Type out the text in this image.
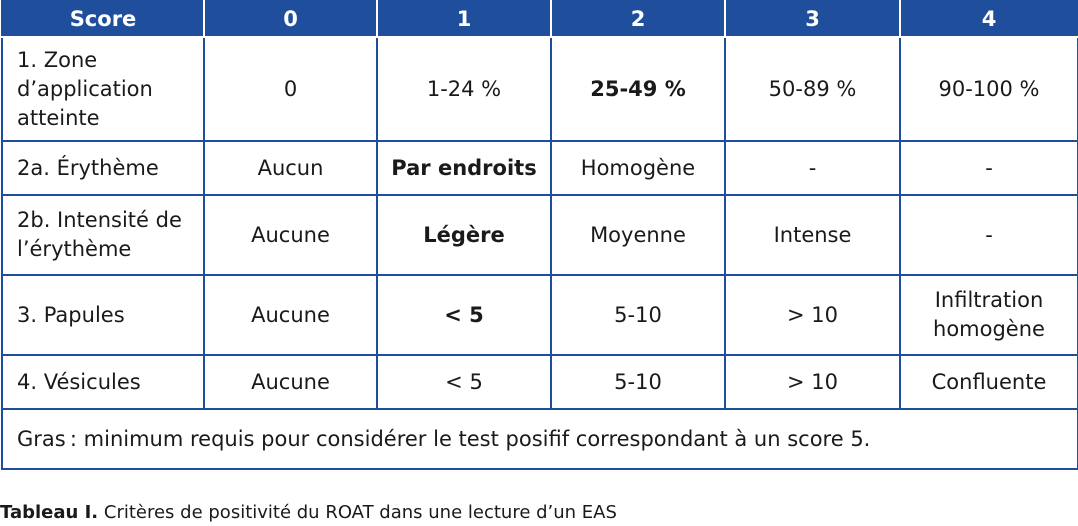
Score	0	1	2	3	4

1. Zone
d’application
atteinte	0	1-24 %	25-49 %	50-89 %	90-100 %

2a. Érythème	Aucun	Par endroits	Homogène	-	-

2b. Intensité de
l’érythème	Aucune	Légère	Moyenne	Intense	-

3. Papules	Aucune	< 5	5-10	> 10	Infiltration homogène

4. Vésicules	Aucune	< 5	5-10	> 10	Confluente
Gras : minimum requis pour considérer le test posifif correspondant à un score 5.					
Tableau I. Critères de positivité du ROAT dans une lecture d’un EAS
